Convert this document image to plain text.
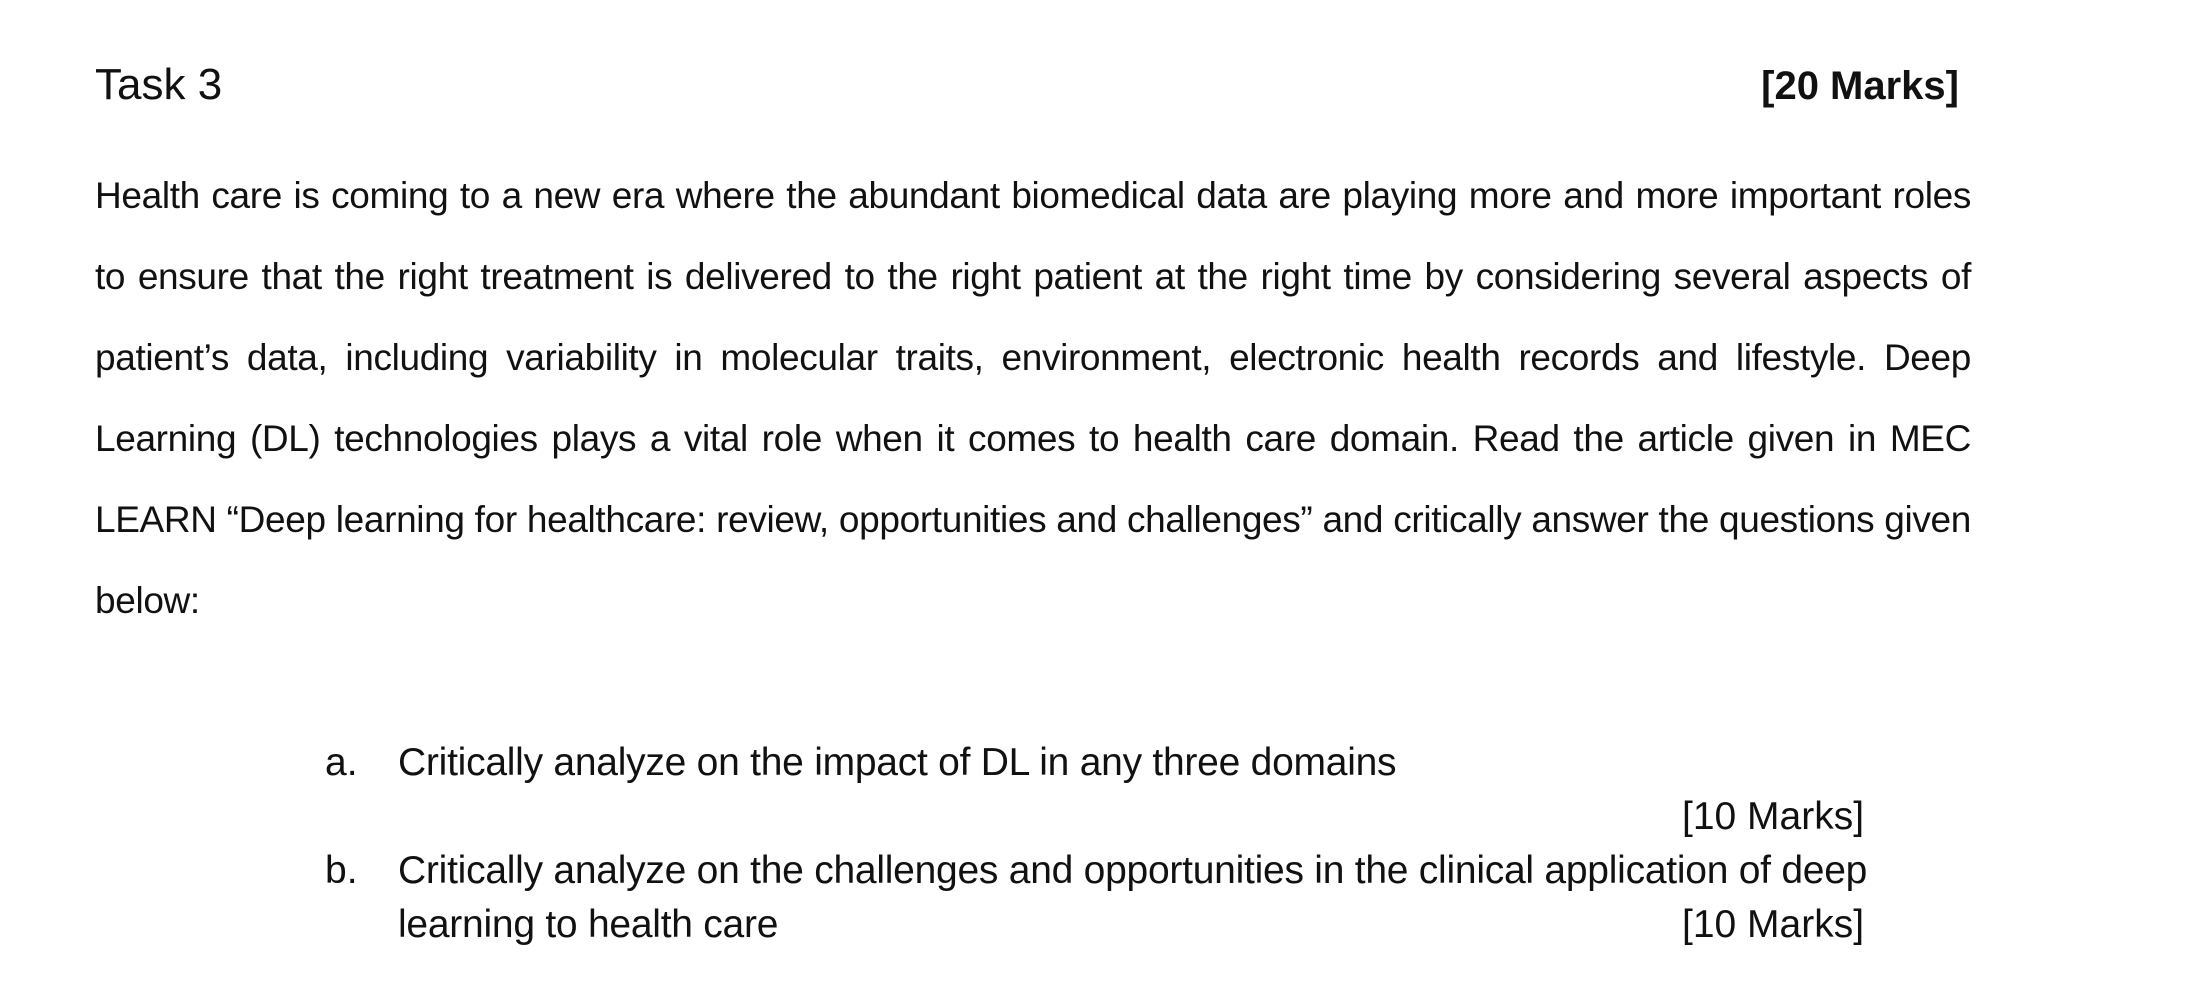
Task 3	[20 Marks]

Health care is coming to a new era where the abundant biomedical data are playing more and more important roles to ensure that the right treatment is delivered to the right patient at the right time by considering several aspects of patient’s data, including variability in molecular traits, environment, electronic health records and lifestyle. Deep Learning (DL) technologies plays a vital role when it comes to health care domain. Read the article given in MEC LEARN “Deep learning for healthcare: review, opportunities and challenges” and critically answer the questions given below:

a. Critically analyze on the impact of DL in any three domains
[10 Marks]
b. Critically analyze on the challenges and opportunities in the clinical application of deep
learning to health care	[10 Marks]
